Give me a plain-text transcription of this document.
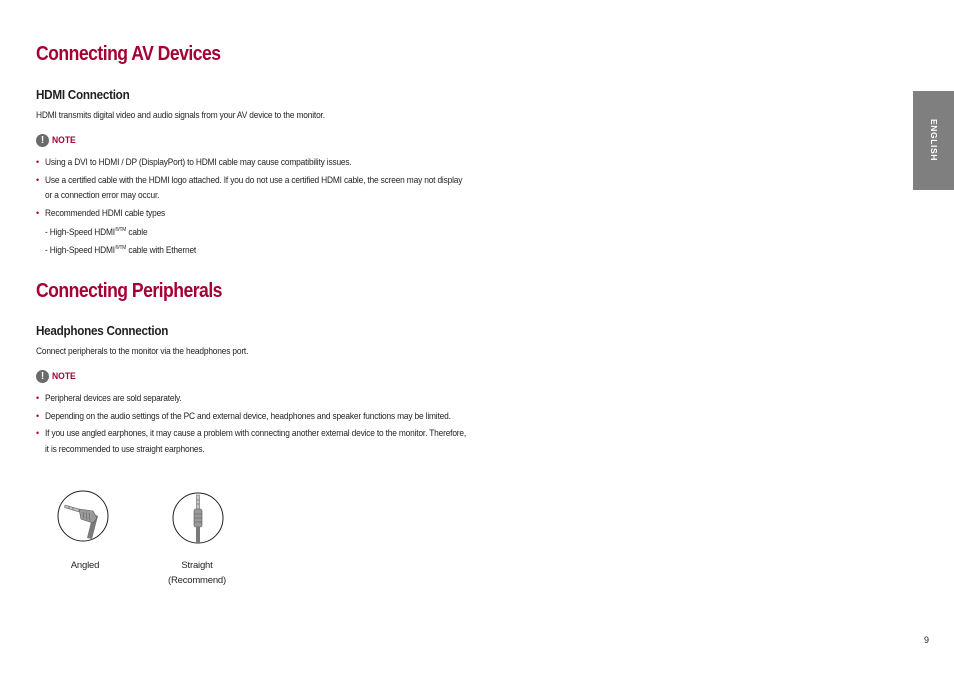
Connecting AV Devices
HDMI Connection
HDMI transmits digital video and audio signals from your AV device to the monitor.
! NOTE
• Using a DVI to HDMI / DP (DisplayPort) to HDMI cable may cause compatibility issues.
• Use a certified cable with the HDMI logo attached. If you do not use a certified HDMI cable, the screen may not display or a connection error may occur.
• Recommended HDMI cable types
- High-Speed $HDMI^{®/TM}$ cable
- High-Speed $HDMI^{®/TM}$ cable with Ethernet
Connecting Peripherals
Headphones Connection
Connect peripherals to the monitor via the headphones port.
! NOTE
• Peripheral devices are sold separately.
• Depending on the audio settings of the PC and external device, headphones and speaker functions may be limited.
• If you use angled earphones, it may cause a problem with connecting another external device to the monitor. Therefore, it is recommended to use straight earphones.
Angled	Straight
(Recommend)
ENGLISH
9
